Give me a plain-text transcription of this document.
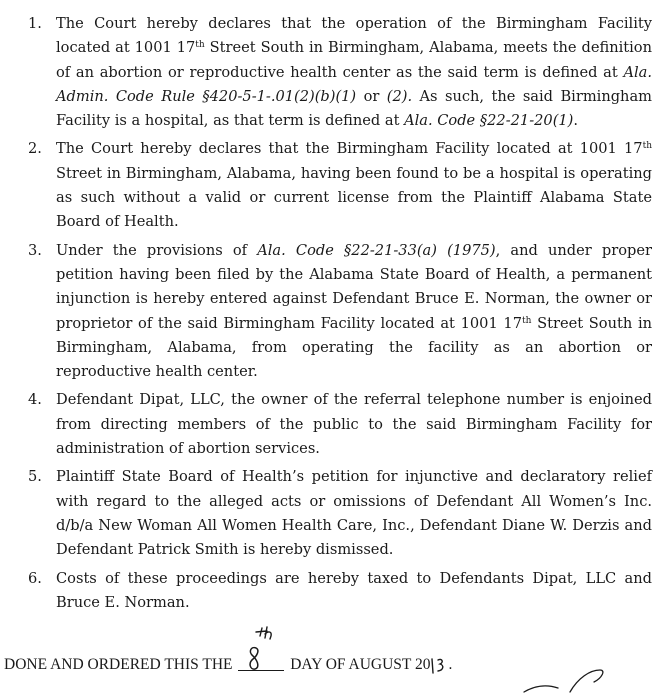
1. The Court hereby declares that the operation of the Birmingham Facility located at 1001 17th Street South in Birmingham, Alabama, meets the definition of an abortion or reproductive health center as the said term is defined at Ala. Admin. Code Rule §420-5-1-.01(2)(b)(1) or (2). As such, the said Birmingham Facility is a hospital, as that term is defined at Ala. Code §22-21-20(1).
2. The Court hereby declares that the Birmingham Facility located at 1001 17th Street in Birmingham, Alabama, having been found to be a hospital is operating as such without a valid or current license from the Plaintiff Alabama State Board of Health.
3. Under the provisions of Ala. Code §22-21-33(a) (1975), and under proper petition having been filed by the Alabama State Board of Health, a permanent injunction is hereby entered against Defendant Bruce E. Norman, the owner or proprietor of the said Birmingham Facility located at 1001 17th Street South in Birmingham, Alabama, from operating the facility as an abortion or reproductive health center.
4. Defendant Dipat, LLC, the owner of the referral telephone number is enjoined from directing members of the public to the said Birmingham Facility for administration of abortion services.
5. Plaintiff State Board of Health’s petition for injunctive and declaratory relief with regard to the alleged acts or omissions of Defendant All Women’s Inc. d/b/a New Woman All Women Health Care, Inc., Defendant Diane W. Derzis and Defendant Patrick Smith is hereby dismissed.
6. Costs of these proceedings are hereby taxed to Defendants Dipat, LLC and Bruce E. Norman.
DONE AND ORDERED THIS THE	DAY OF AUGUST 20 .
